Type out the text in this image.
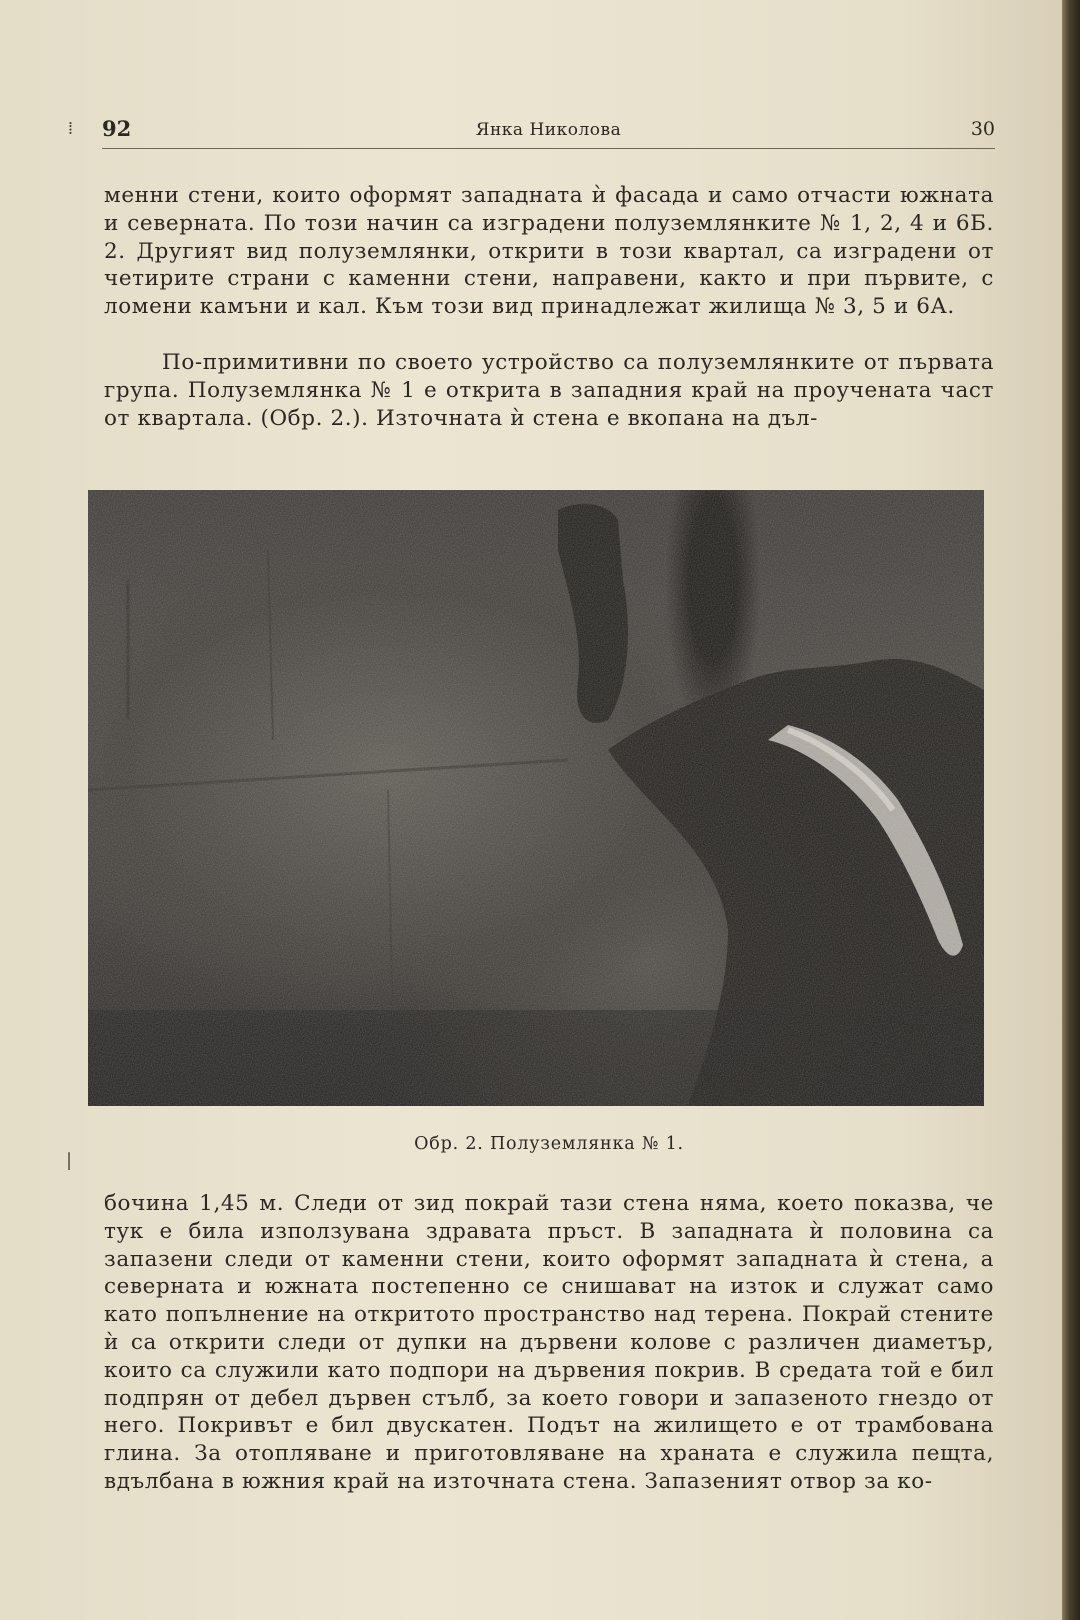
92	Янка Николова	30

менни стени, които оформят западната ѝ фасада и само отчасти южната и северната. По този начин са изградени полуземлянките № 1, 2, 4 и 6Б. 2. Другият вид полуземлянки, открити в този квартал, са изградени от четирите страни с каменни стени, направени, както и при първите, с ломени камъни и кал. Към този вид принадлежат жилища № 3, 5 и 6А.

По-примитивни по своето устройство са полуземлянките от първата група. Полуземлянка № 1 е открита в западния край на проучената част от квартала. (Обр. 2.). Източната ѝ стена е вкопана на дъл-

Обр. 2. Полуземлянка № 1.

бочина 1,45 м. Следи от зид покрай тази стена няма, което показва, че тук е била използувана здравата пръст. В западната ѝ половина са запазени следи от каменни стени, които оформят западната ѝ стена, а северната и южната постепенно се снишават на изток и служат само като попълнение на откритото пространство над терена. Покрай стените ѝ са открити следи от дупки на дървени колове с различен диаметър, които са служили като подпори на дървения покрив. В средата той е бил подпрян от дебел дървен стълб, за което говори и запазеното гнездо от него. Покривът е бил двускатен. Подът на жилището е от трамбована глина. За отопляване и приготовляване на храната е служила пещта, вдълбана в южния край на източната стена. Запазеният отвор за ко-

⁞
|
